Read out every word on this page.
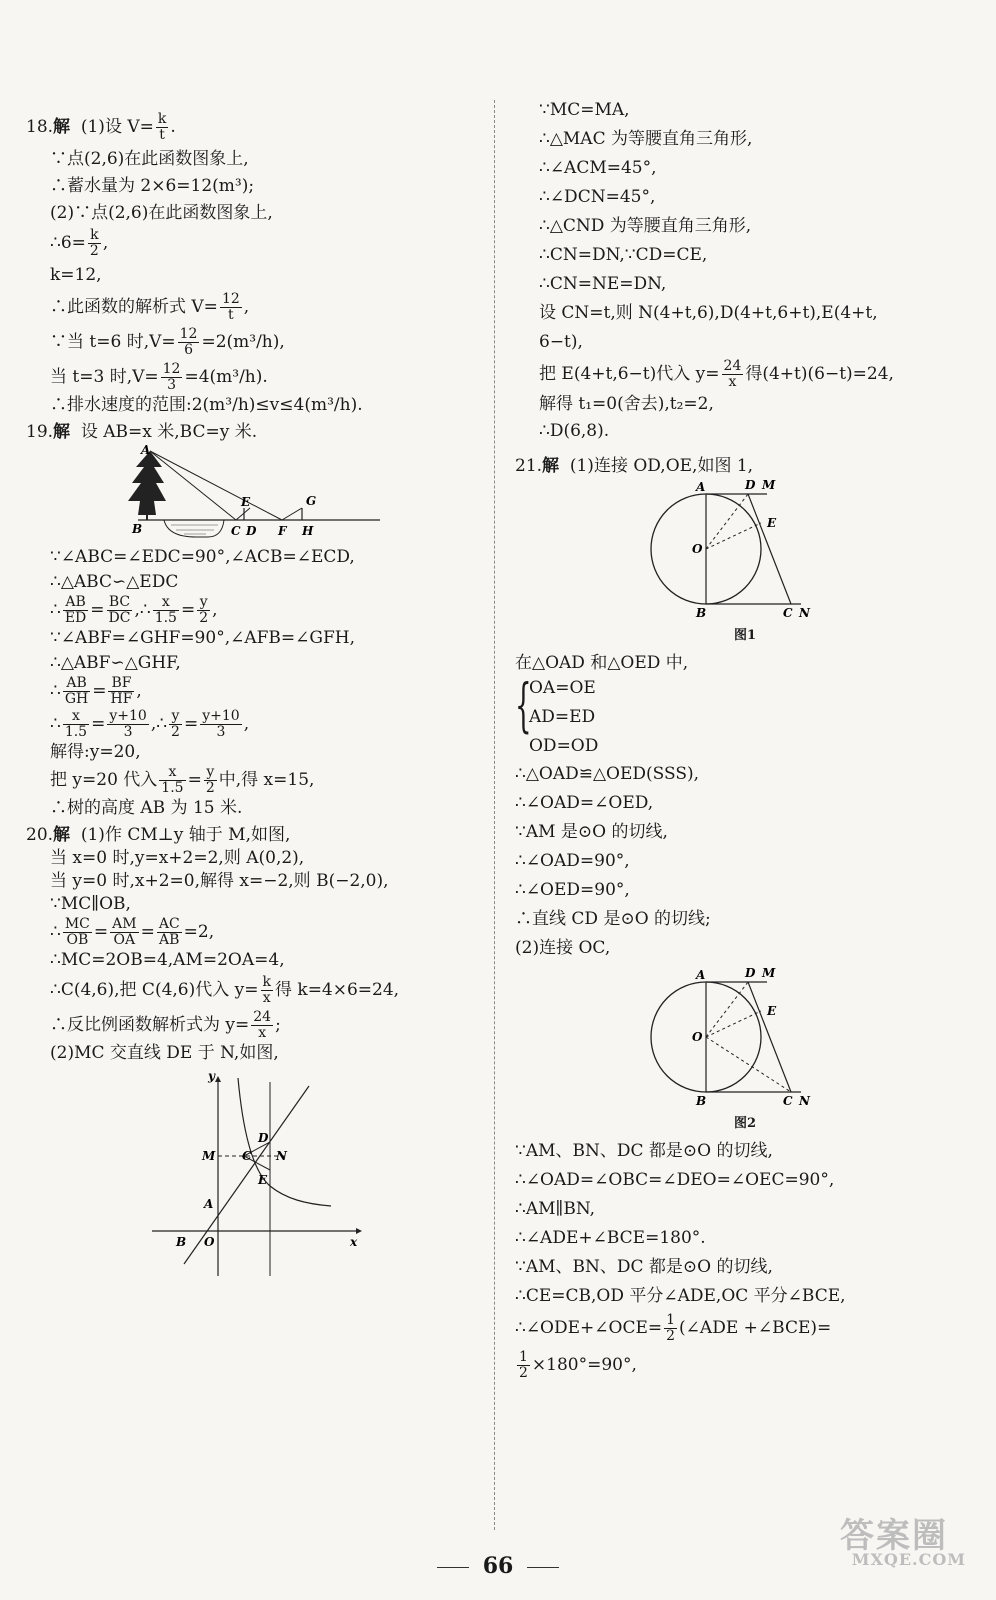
18.解 (1)设 $V= \frac{k}{t}$ .
∵点(2,6)在此函数图象上,
∴蓄水量为 2×6=12(m³);
(2)∵点(2,6)在此函数图象上,
∴6= $\frac{k}{2}$ ,
k=12,
∴此函数的解析式 $V= \frac{12}{t}$ ,
∵当 t=6 时$,V= \frac{12}{6} =2(m^3/h)$,
当 t=3 时$,V= \frac{12}{3} =4(m^3/h)$.
∴排水速度的范围:2(m³/h)≤v≤4(m³/h).
19.解 设 AB=x 米,BC=y 米.
A
B	C D
E
F
G
H
∵∠ABC=∠EDC=90°,∠ACB=∠ECD,
∴△ABC∽△EDC
∴ $\frac{AB}{ED} = \frac{BC}{DC}$ ,∴ $\frac{x}{1.5} = \frac{y}{2}$ ,
∵∠ABF=∠GHF=90°,∠AFB=∠GFH,
∴△ABF∽△GHF,
∴ $\frac{AB}{GH} = \frac{BF}{HF}$ ,
∴ $\frac{x}{1.5} = \frac{y+10}{3}$ ,∴ $\frac{y}{2} = \frac{y+10}{3}$ ,
解得:y=20,
把 y=20 代入 $\frac{x}{1.5} = \frac{y}{2}$ 中,得 x=15,
∴树的高度 AB 为 15 米.
20.解 (1)作 CM⊥y 轴于 M,如图,
当 x=0 时,y=x+2=2,则 A(0,2),
当 y=0 时,x+2=0,解得 x=−2,则 B(−2,0),
∵MC∥OB,
∴ $\frac{MC}{OB} = \frac{AM}{OA} = \frac{AC}{AB} =2$,
∴MC=2OB=4,AM=2OA=4,
∴C(4,6),把 C(4,6)代入 $y= \frac{k}{x}$ 得 k=4×6=24,
∴反比例函数解析式为 $y= \frac{24}{x}$ ;
(2)MC 交直线 DE 于 N,如图,
y
x
M C
D
N
E
A
B O
∵MC=MA,
∴△MAC 为等腰直角三角形,
∴∠ACM=45°,
∴∠DCN=45°,
∴△CND 为等腰直角三角形,
∴CN=DN,∵CD=CE,
∴CN=NE=DN,
设 CN=t,则 N(4+t,6),D(4+t,6+t),E(4+t,
6−t),
把 E(4+t,6−t)代入 $y= \frac{24}{x}$ 得(4+t)(6−t)=24,
解得 t₁=0(舍去),t₂=2,
∴D(6,8).
21.解 (1)连接 OD,OE,如图 1,
A	D M
E
O
B	C N
图1
在△OAD 和△OED 中,
{
OA=OE
AD=ED
OD=OD
∴△OAD≌△OED(SSS),
∴∠OAD=∠OED,
∵AM 是⊙O 的切线,
∴∠OAD=90°,
∴∠OED=90°,
∴直线 CD 是⊙O 的切线;
(2)连接 OC,
A	D M
E
O
B	C N
图2
∵AM、BN、DC 都是⊙O 的切线,
∴∠OAD=∠OBC=∠DEO=∠OEC=90°,
∴AM∥BN,
∴∠ADE+∠BCE=180°.
∵AM、BN、DC 都是⊙O 的切线,
∴CE=CB,OD 平分∠ADE,OC 平分∠BCE,
∴∠ODE+∠OCE= $\frac{1}{2}$ (∠ADE +∠BCE)=
$\frac{1}{2} \times 180^\circ=90^\circ$,
66
答案圈
MXQE.COM
